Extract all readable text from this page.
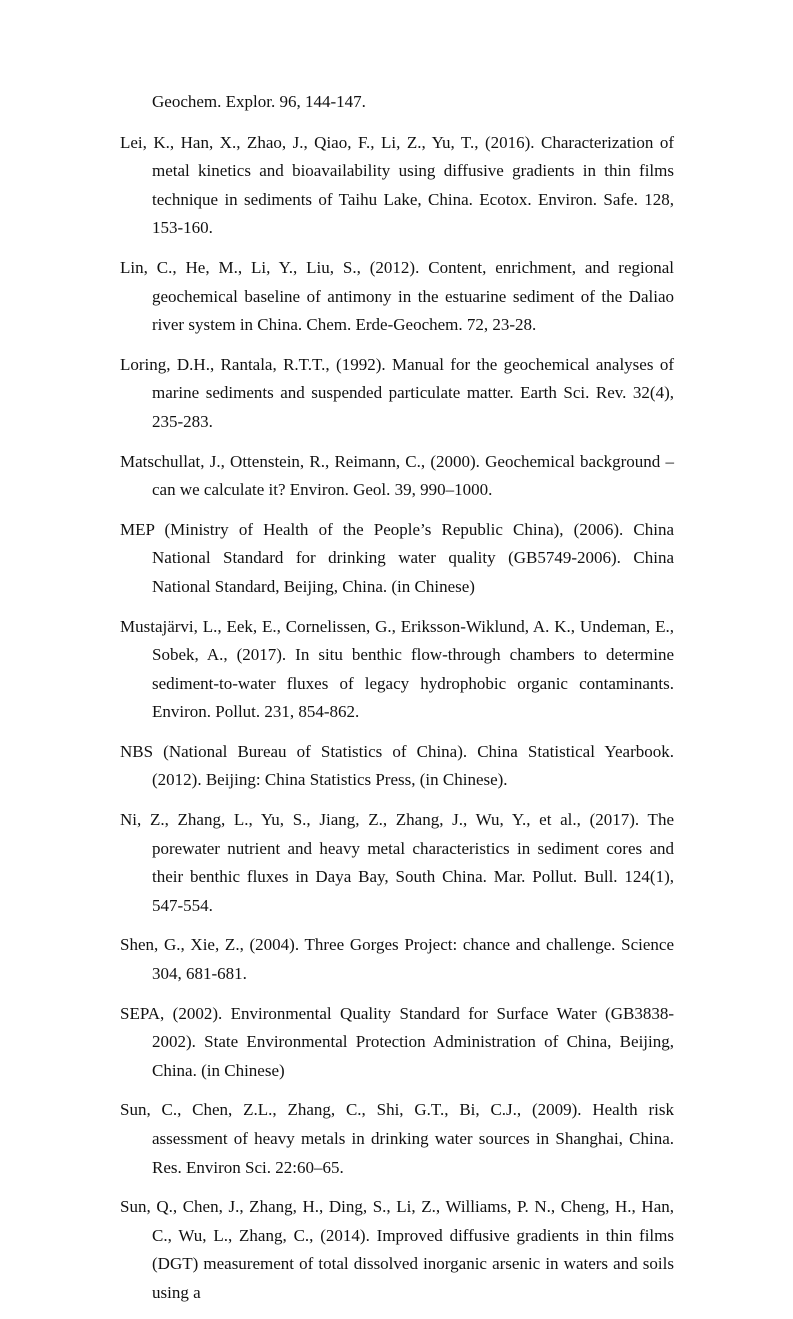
Geochem. Explor. 96, 144-147.
Lei, K., Han, X., Zhao, J., Qiao, F., Li, Z., Yu, T., (2016). Characterization of metal kinetics and bioavailability using diffusive gradients in thin films technique in sediments of Taihu Lake, China. Ecotox. Environ. Safe. 128, 153-160.
Lin, C., He, M., Li, Y., Liu, S., (2012). Content, enrichment, and regional geochemical baseline of antimony in the estuarine sediment of the Daliao river system in China. Chem. Erde-Geochem. 72, 23-28.
Loring, D.H., Rantala, R.T.T., (1992). Manual for the geochemical analyses of marine sediments and suspended particulate matter. Earth Sci. Rev. 32(4), 235-283.
Matschullat, J., Ottenstein, R., Reimann, C., (2000). Geochemical background – can we calculate it? Environ. Geol. 39, 990–1000.
MEP (Ministry of Health of the People’s Republic China), (2006). China National Standard for drinking water quality (GB5749-2006). China National Standard, Beijing, China. (in Chinese)
Mustajärvi, L., Eek, E., Cornelissen, G., Eriksson-Wiklund, A. K., Undeman, E., Sobek, A., (2017). In situ benthic flow-through chambers to determine sediment-to-water fluxes of legacy hydrophobic organic contaminants. Environ. Pollut. 231, 854-862.
NBS (National Bureau of Statistics of China). China Statistical Yearbook. (2012). Beijing: China Statistics Press, (in Chinese).
Ni, Z., Zhang, L., Yu, S., Jiang, Z., Zhang, J., Wu, Y., et al., (2017). The porewater nutrient and heavy metal characteristics in sediment cores and their benthic fluxes in Daya Bay, South China. Mar. Pollut. Bull. 124(1), 547-554.
Shen, G., Xie, Z., (2004). Three Gorges Project: chance and challenge. Science 304, 681-681.
SEPA, (2002). Environmental Quality Standard for Surface Water (GB3838-2002). State Environmental Protection Administration of China, Beijing, China. (in Chinese)
Sun, C., Chen, Z.L., Zhang, C., Shi, G.T., Bi, C.J., (2009). Health risk assessment of heavy metals in drinking water sources in Shanghai, China. Res. Environ Sci. 22:60–65.
Sun, Q., Chen, J., Zhang, H., Ding, S., Li, Z., Williams, P. N., Cheng, H., Han, C., Wu, L., Zhang, C., (2014). Improved diffusive gradients in thin films (DGT) measurement of total dissolved inorganic arsenic in waters and soils using a
